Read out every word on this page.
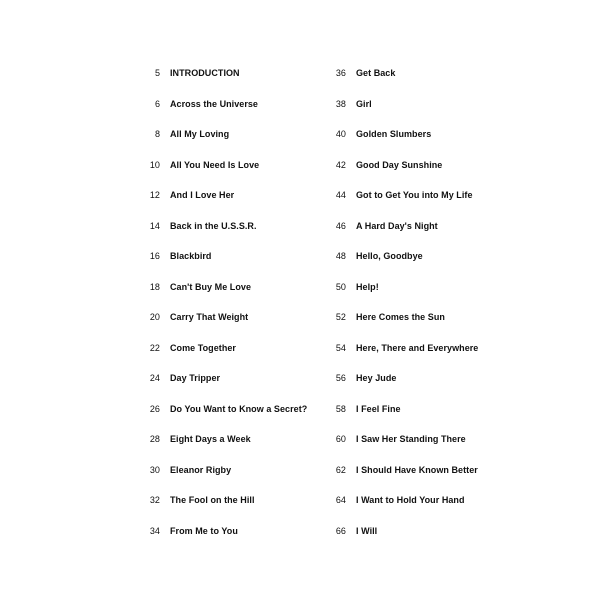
5 INTRODUCTION
6 Across the Universe
8 All My Loving
10 All You Need Is Love
12 And I Love Her
14 Back in the U.S.S.R.
16 Blackbird
18 Can't Buy Me Love
20 Carry That Weight
22 Come Together
24 Day Tripper
26 Do You Want to Know a Secret?
28 Eight Days a Week
30 Eleanor Rigby
32 The Fool on the Hill
34 From Me to You
36 Get Back
38 Girl
40 Golden Slumbers
42 Good Day Sunshine
44 Got to Get You into My Life
46 A Hard Day's Night
48 Hello, Goodbye
50 Help!
52 Here Comes the Sun
54 Here, There and Everywhere
56 Hey Jude
58 I Feel Fine
60 I Saw Her Standing There
62 I Should Have Known Better
64 I Want to Hold Your Hand
66 I Will
